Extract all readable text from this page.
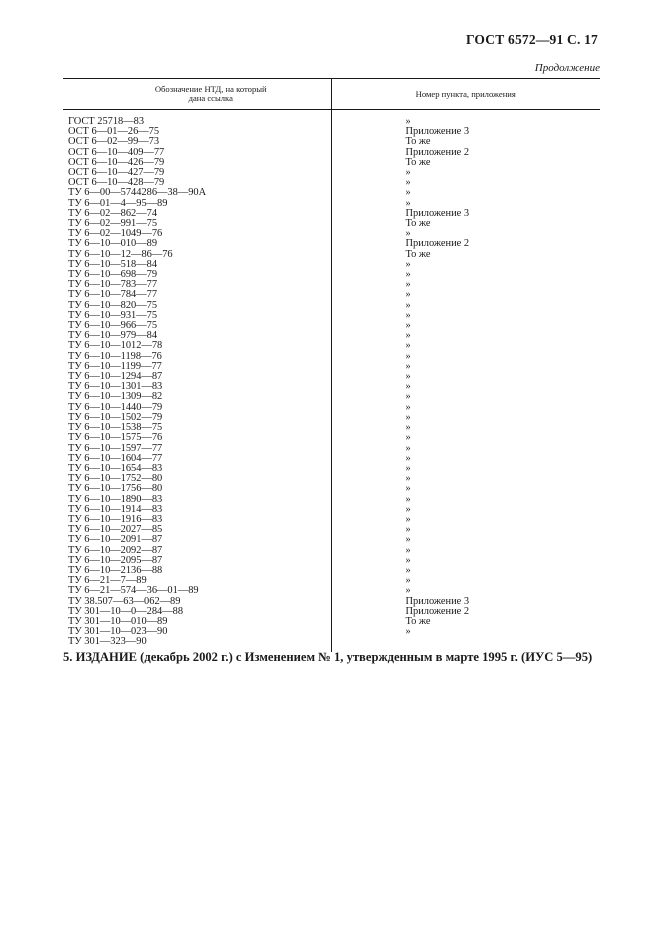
ГОСТ 6572—91 С. 17
Продолжение
Обозначение НТД, на который
дана ссылка	Номер пункта, приложения
ГОСТ 25718—83	»
ОСТ 6—01—26—75	Приложение 3
ОСТ 6—02—99—73	То же
ОСТ 6—10—409—77	Приложение 2
ОСТ 6—10—426—79	То же
ОСТ 6—10—427—79	»
ОСТ 6—10—428—79	»
ТУ 6—00—5744286—38—90А	»
ТУ 6—01—4—95—89	»
ТУ 6—02—862—74	Приложение 3
ТУ 6—02—991—75	То же
ТУ 6—02—1049—76	»
ТУ 6—10—010—89	Приложение 2
ТУ 6—10—12—86—76	То же
ТУ 6—10—518—84	»
ТУ 6—10—698—79	»
ТУ 6—10—783—77	»
ТУ 6—10—784—77	»
ТУ 6—10—820—75	»
ТУ 6—10—931—75	»
ТУ 6—10—966—75	»
ТУ 6—10—979—84	»
ТУ 6—10—1012—78	»
ТУ 6—10—1198—76	»
ТУ 6—10—1199—77	»
ТУ 6—10—1294—87	»
ТУ 6—10—1301—83	»
ТУ 6—10—1309—82	»
ТУ 6—10—1440—79	»
ТУ 6—10—1502—79	»
ТУ 6—10—1538—75	»
ТУ 6—10—1575—76	»
ТУ 6—10—1597—77	»
ТУ 6—10—1604—77	»
ТУ 6—10—1654—83	»
ТУ 6—10—1752—80	»
ТУ 6—10—1756—80	»
ТУ 6—10—1890—83	»
ТУ 6—10—1914—83	»
ТУ 6—10—1916—83	»
ТУ 6—10—2027—85	»
ТУ 6—10—2091—87	»
ТУ 6—10—2092—87	»
ТУ 6—10—2095—87	»
ТУ 6—10—2136—88	»
ТУ 6—21—7—89	»
ТУ 6—21—574—36—01—89	»
ТУ 38.507—63—062—89	Приложение 3
ТУ 301—10—0—284—88	Приложение 2
ТУ 301—10—010—89	То же
ТУ 301—10—023—90	»
ТУ 301—323—90	
5. ИЗДАНИЕ (декабрь 2002 г.) с Изменением № 1, утвержденным в марте 1995 г. (ИУС 5—95)
